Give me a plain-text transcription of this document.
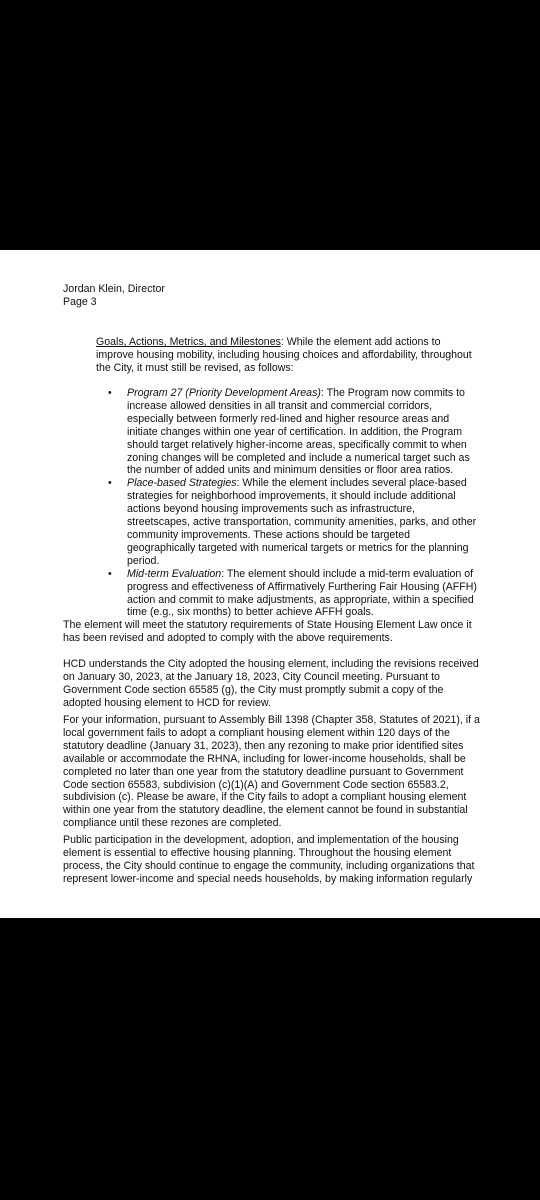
Jordan Klein, Director
Page 3

Goals, Actions, Metrics, and Milestones: While the element add actions to improve housing mobility, including housing choices and affordability, throughout the City, it must still be revised, as follows:

• Program 27 (Priority Development Areas): The Program now commits to increase allowed densities in all transit and commercial corridors, especially between formerly red-lined and higher resource areas and initiate changes within one year of certification. In addition, the Program should target relatively higher-income areas, specifically commit to when zoning changes will be completed and include a numerical target such as the number of added units and minimum densities or floor area ratios.
• Place-based Strategies: While the element includes several place-based strategies for neighborhood improvements, it should include additional actions beyond housing improvements such as infrastructure, streetscapes, active transportation, community amenities, parks, and other community improvements. These actions should be targeted geographically targeted with numerical targets or metrics for the planning period.
• Mid-term Evaluation: The element should include a mid-term evaluation of progress and effectiveness of Affirmatively Furthering Fair Housing (AFFH) action and commit to make adjustments, as appropriate, within a specified time (e.g., six months) to better achieve AFFH goals.

The element will meet the statutory requirements of State Housing Element Law once it has been revised and adopted to comply with the above requirements.

HCD understands the City adopted the housing element, including the revisions received on January 30, 2023, at the January 18, 2023, City Council meeting. Pursuant to Government Code section 65585 (g), the City must promptly submit a copy of the adopted housing element to HCD for review.

For your information, pursuant to Assembly Bill 1398 (Chapter 358, Statutes of 2021), if a local government fails to adopt a compliant housing element within 120 days of the statutory deadline (January 31, 2023), then any rezoning to make prior identified sites available or accommodate the RHNA, including for lower-income households, shall be completed no later than one year from the statutory deadline pursuant to Government Code section 65583, subdivision (c)(1)(A) and Government Code section 65583.2, subdivision (c). Please be aware, if the City fails to adopt a compliant housing element within one year from the statutory deadline, the element cannot be found in substantial compliance until these rezones are completed.

Public participation in the development, adoption, and implementation of the housing element is essential to effective housing planning. Throughout the housing element process, the City should continue to engage the community, including organizations that represent lower-income and special needs households, by making information regularly
